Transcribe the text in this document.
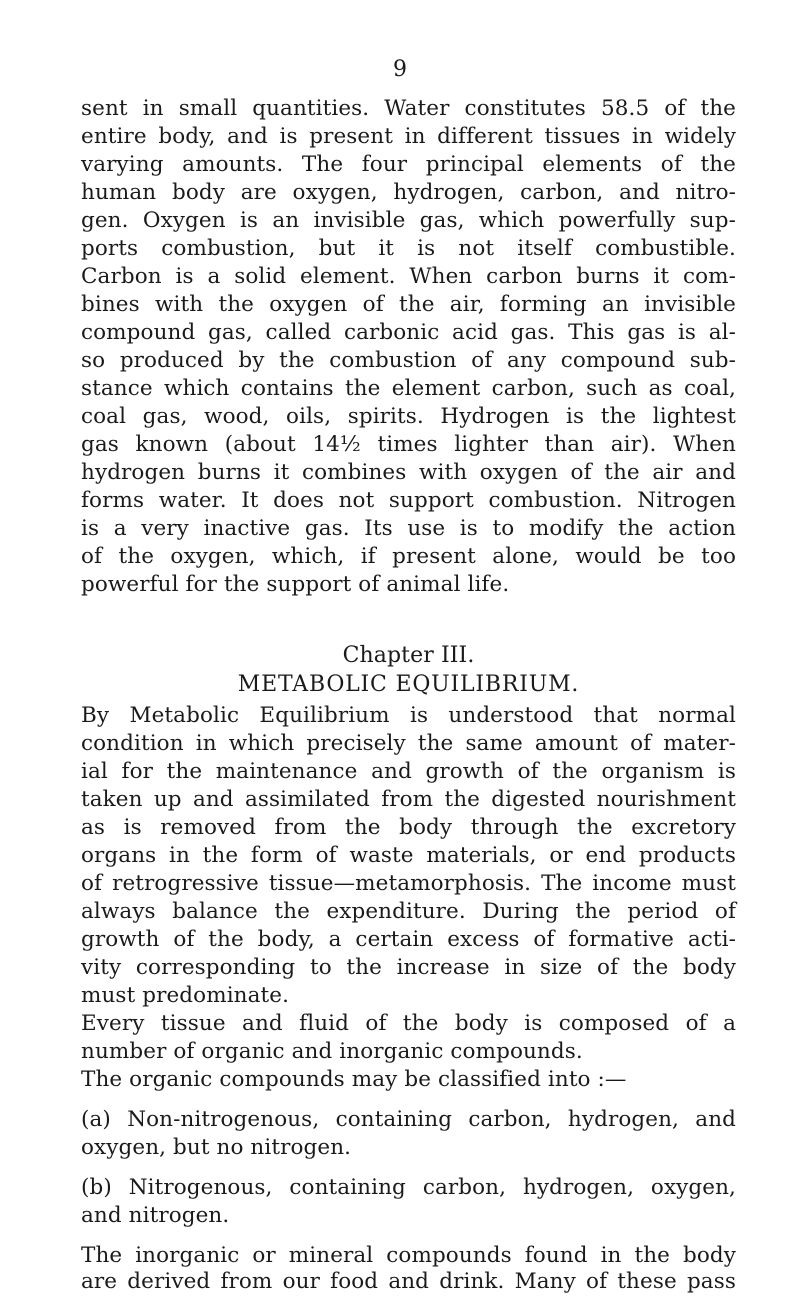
9
sent in small quantities. Water constitutes 58.5 of the
entire body, and is present in different tissues in widely
varying amounts. The four principal elements of the
human body are oxygen, hydrogen, carbon, and nitro-
gen. Oxygen is an invisible gas, which powerfully sup-
ports combustion, but it is not itself combustible.
Carbon is a solid element. When carbon burns it com-
bines with the oxygen of the air, forming an invisible
compound gas, called carbonic acid gas. This gas is al-
so produced by the combustion of any compound sub-
stance which contains the element carbon, such as coal,
coal gas, wood, oils, spirits. Hydrogen is the lightest
gas known (about 14½ times lighter than air). When
hydrogen burns it combines with oxygen of the air and
forms water. It does not support combustion. Nitrogen
is a very inactive gas. Its use is to modify the action
of the oxygen, which, if present alone, would be too
powerful for the support of animal life.
Chapter III.
METABOLIC EQUILIBRIUM.
By Metabolic Equilibrium is understood that normal
condition in which precisely the same amount of mater-
ial for the maintenance and growth of the organism is
taken up and assimilated from the digested nourishment
as is removed from the body through the excretory
organs in the form of waste materials, or end products
of retrogressive tissue—metamorphosis. The income must
always balance the expenditure. During the period of
growth of the body, a certain excess of formative acti-
vity corresponding to the increase in size of the body
must predominate.
Every tissue and fluid of the body is composed of a
number of organic and inorganic compounds.
The organic compounds may be classified into :—
(a) Non-nitrogenous, containing carbon, hydrogen, and
oxygen, but no nitrogen.
(b) Nitrogenous, containing carbon, hydrogen, oxygen,
and nitrogen.
The inorganic or mineral compounds found in the body
are derived from our food and drink. Many of these pass
